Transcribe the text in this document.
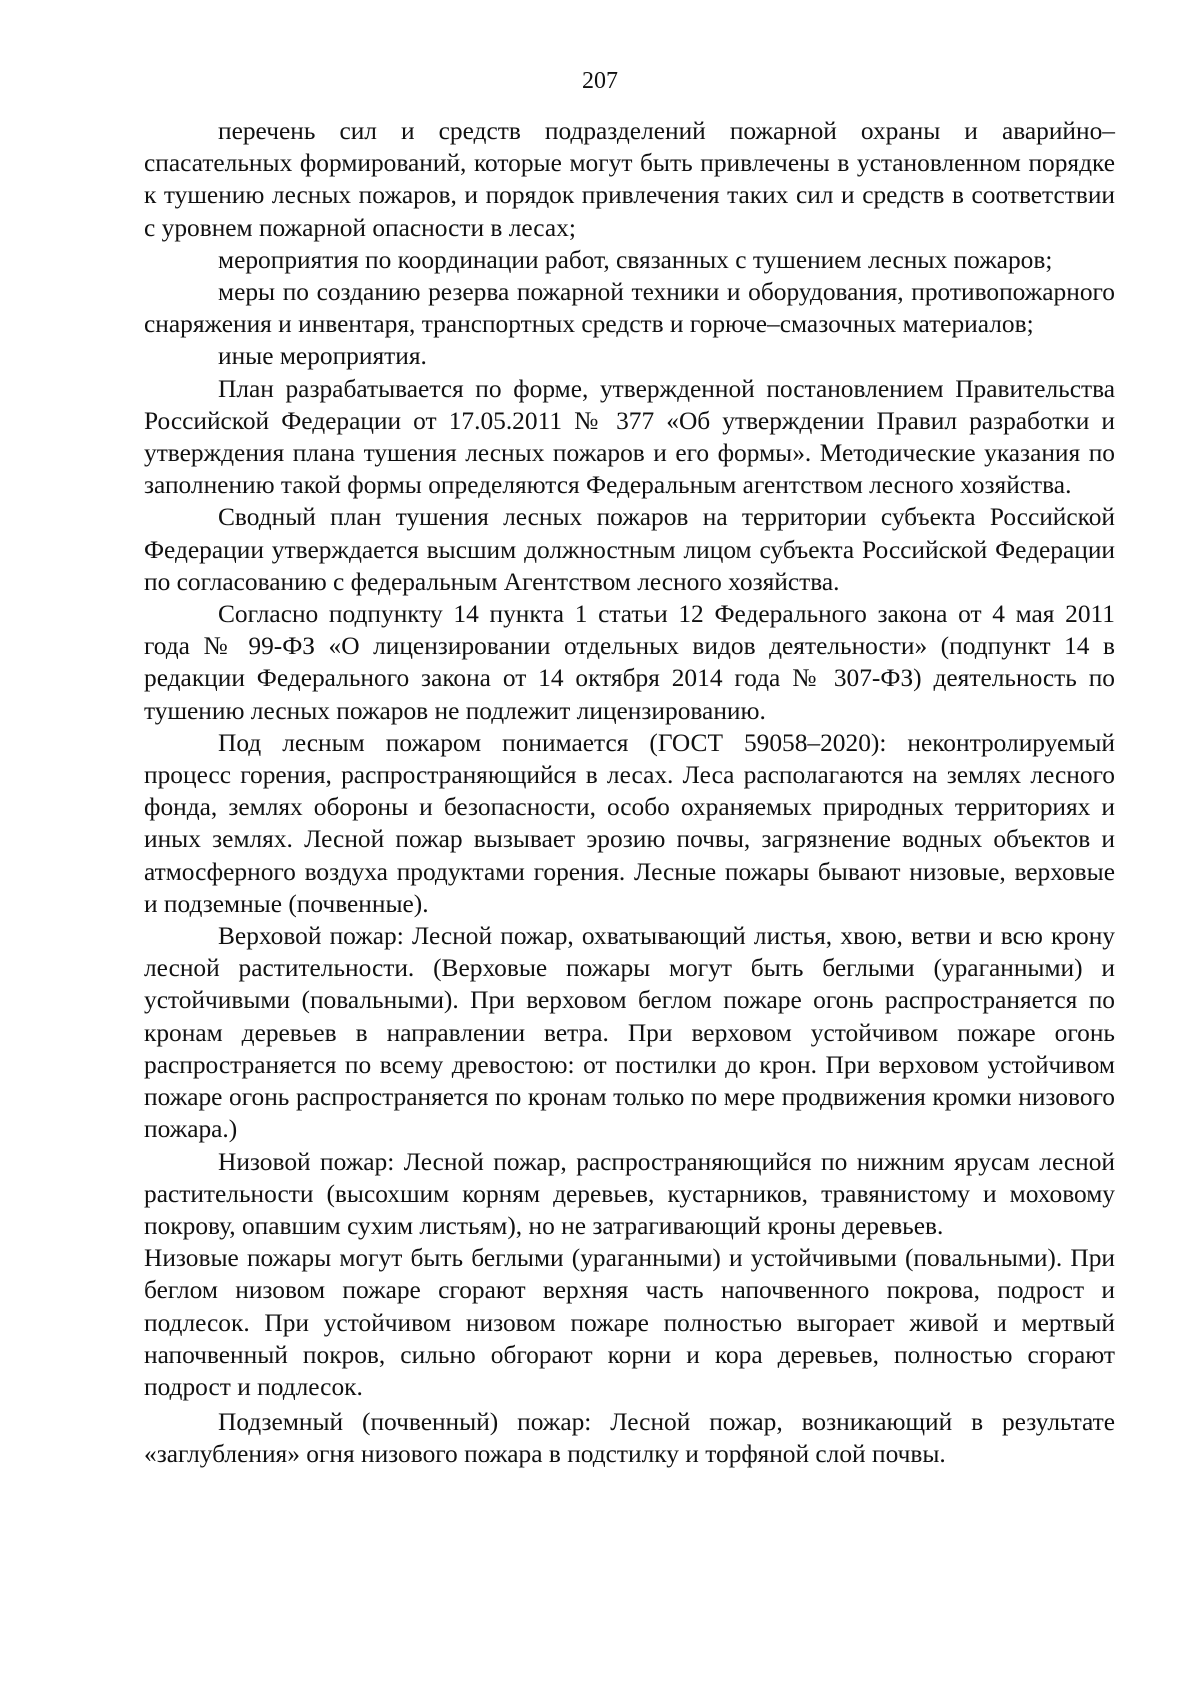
207

перечень сил и средств подразделений пожарной охраны и аварийно–спасательных формирований, которые могут быть привлечены в установленном порядке к тушению лесных пожаров, и порядок привлечения таких сил и средств в соответствии с уровнем пожарной опасности в лесах;

мероприятия по координации работ, связанных с тушением лесных пожаров;

меры по созданию резерва пожарной техники и оборудования, противопожарного снаряжения и инвентаря, транспортных средств и горюче–смазочных материалов;

иные мероприятия.

План разрабатывается по форме, утвержденной постановлением Правительства Российской Федерации от 17.05.2011 № 377 «Об утверждении Правил разработки и утверждения плана тушения лесных пожаров и его формы». Методические указания по заполнению такой формы определяются Федеральным агентством лесного хозяйства.

Сводный план тушения лесных пожаров на территории субъекта Российской Федерации утверждается высшим должностным лицом субъекта Российской Федерации по согласованию с федеральным Агентством лесного хозяйства.

Согласно подпункту 14 пункта 1 статьи 12 Федерального закона от 4 мая 2011 года № 99-ФЗ «О лицензировании отдельных видов деятельности» (подпункт 14 в редакции Федерального закона от 14 октября 2014 года № 307-ФЗ) деятельность по тушению лесных пожаров не подлежит лицензированию.

Под лесным пожаром понимается (ГОСТ 59058–2020): неконтролируемый процесс горения, распространяющийся в лесах. Леса располагаются на землях лесного фонда, землях обороны и безопасности, особо охраняемых природных территориях и иных землях. Лесной пожар вызывает эрозию почвы, загрязнение водных объектов и атмосферного воздуха продуктами горения. Лесные пожары бывают низовые, верховые и подземные (почвенные).

Верховой пожар: Лесной пожар, охватывающий листья, хвою, ветви и всю крону лесной растительности. (Верховые пожары могут быть беглыми (ураганными) и устойчивыми (повальными). При верховом беглом пожаре огонь распространяется по кронам деревьев в направлении ветра. При верховом устойчивом пожаре огонь распространяется по всему древостою: от постилки до крон. При верховом устойчивом пожаре огонь распространяется по кронам только по мере продвижения кромки низового пожара.)

Низовой пожар: Лесной пожар, распространяющийся по нижним ярусам лесной растительности (высохшим корням деревьев, кустарников, травянистому и моховому покрову, опавшим сухим листьям), но не затрагивающий кроны деревьев.

Низовые пожары могут быть беглыми (ураганными) и устойчивыми (повальными). При беглом низовом пожаре сгорают верхняя часть напочвенного покрова, подрост и подлесок. При устойчивом низовом пожаре полностью выгорает живой и мертвый напочвенный покров, сильно обгорают корни и кора деревьев, полностью сгорают подрост и подлесок.

Подземный (почвенный) пожар: Лесной пожар, возникающий в результате «заглубления» огня низового пожара в подстилку и торфяной слой почвы.
